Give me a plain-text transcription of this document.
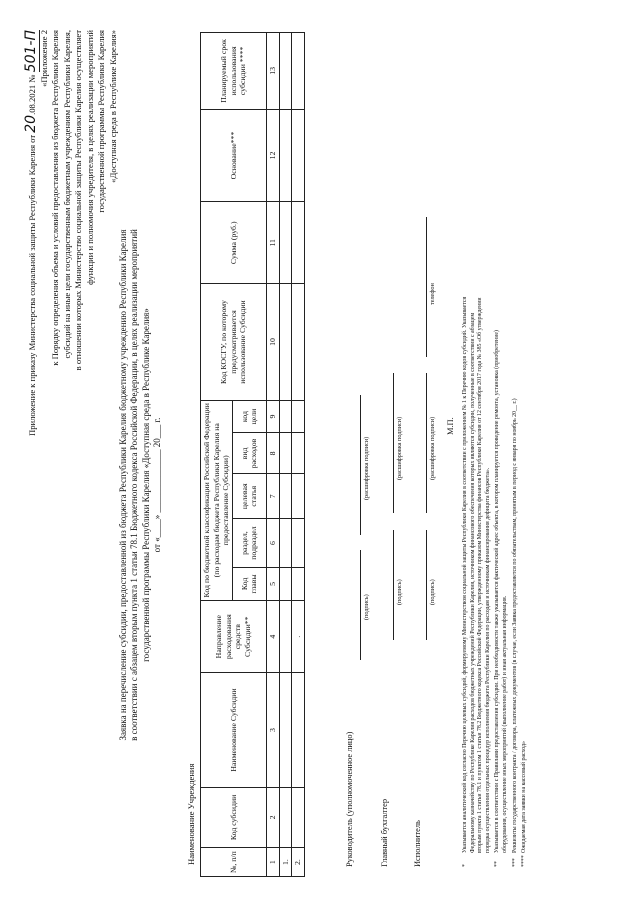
Приложение к приказу Министерства социальной защиты Республики Карелия от 20.08.2021 № 501-П «Приложение 2 к Порядку определения объема и условий предоставления из бюджета Республики Карелия субсидий на иные цели государственным бюджетным учреждениям Республики Карелия, в отношении которых Министерство социальной защиты Республики Карелия осуществляет функции и полномочия учредителя, в целях реализации мероприятий государственной программы Республики Карелия «Доступная среда в Республике Карелия»
Заявка на перечисление субсидии, предоставленной из бюджета Республики Карелия бюджетному учреждению Республики Карелия в соответствии с абзацем вторым пункта 1 статьи 78.1 Бюджетного кодекса Российской Федерации, в целях реализации мероприятий государственной программы Республики Карелия «Доступная среда в Республике Карелия» от «____» ______________ 20___ г.
Наименование Учреждения	№, п/п	Код субсидии	Наименование Субсидии	Направление расходования средств Субсидии**	Код по бюджетной классификации Российской Федерации (по расходам бюджета Республики Карелия на предоставление Субсидии)					Код КОСГУ, по которому предусматривается использование Субсидии	Сумма (руб.)	Основание***	Планируемый срок использования субсидии ****
				Код главы	раздел, подраздел	целевая статья	вид расходов	код цели				
1	2	3	4	5	6	7	8	9	10	11	12	13
1.												
2.			.									
Руководитель (уполномоченное лицо)
(подпись)
(расшифровка подписи)
Главный бухгалтер
(подпись)
(расшифровка подписи)
Исполнитель
(подпись)
(расшифровка подписи)
телефон
М.П.
*Указывается аналитический код согласно Перечню целевых субсидий, формируемому Министерством социальной защиты Республики Карелия в соответствии с приложением № 1 к Перечню кодов субсидий. Указывается Федеральному казначейству по Республике Карелия расходов бюджетных учреждений Республики Карелия, источником финансового обеспечения которых являются субсидии, полученные в соответствии с абзацем вторым пункта 1 статьи 78.1 и пунктом 1 статьи 78.2 Бюджетного кодекса Российской Федерации, утвержденному приказом Министерства финансов Республики Карелия от 12 сентября 2017 года № 385 «Об утверждении порядка осуществления отдельных процедур исполнения бюджета Республики Карелия по расходам и источникам финансирования дефицита бюджета».
**Указывается в соответствии с Правилами предоставления субсидии. При необходимости также указывается фактический адрес объекта, в котором планируется проведение ремонта, установка (приобретение) оборудования, осуществление иных мероприятий (выполнение работ) и иная актуальная информация.
***Реквизиты государственного контракта / договора, платежных документов (в случае, если Заявка предоставляется по обязательствам, принятым в период с января по ноябрь 20__ г.)
****Ожидаемая дата заявки на кассовый расход»
